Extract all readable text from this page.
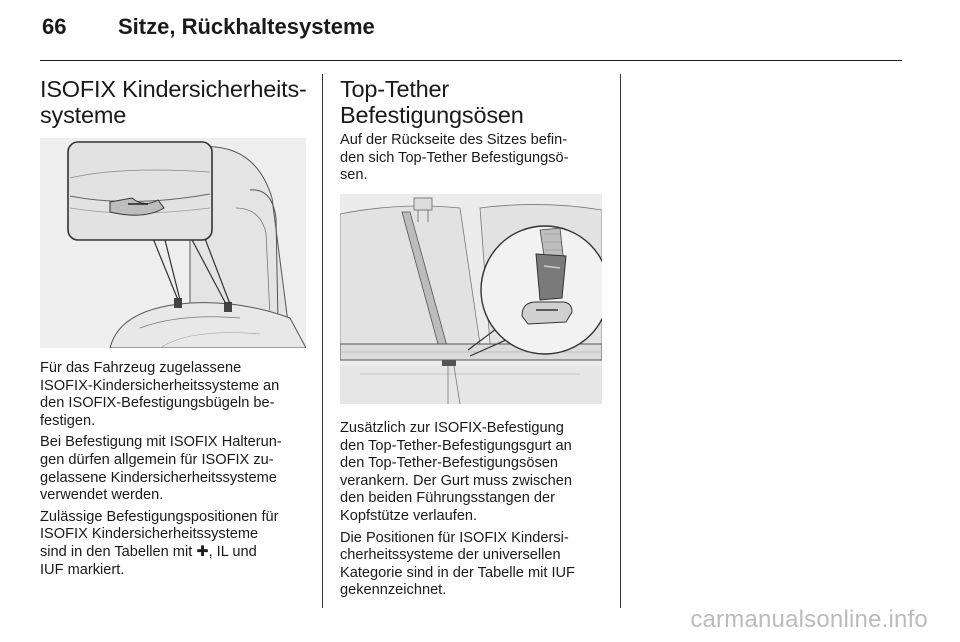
66 Sitze, Rückhaltesysteme
ISOFIX Kindersicherheits-
systeme

Für das Fahrzeug zugelassene
ISOFIX-Kindersicherheitssysteme an
den ISOFIX-Befestigungsbügeln be-
festigen.

Bei Befestigung mit ISOFIX Halterun-
gen dürfen allgemein für ISOFIX zu-
gelassene Kindersicherheitssysteme
verwendet werden.

Zulässige Befestigungspositionen für
ISOFIX Kindersicherheitssysteme
sind in den Tabellen mit ✚, IL und
IUF markiert.

Top-Tether
Befestigungsösen

Auf der Rückseite des Sitzes befin-
den sich Top-Tether Befestigungsö-
sen.

Zusätzlich zur ISOFIX-Befestigung
den Top-Tether-Befestigungsgurt an
den Top-Tether-Befestigungsösen
verankern. Der Gurt muss zwischen
den beiden Führungsstangen der
Kopfstütze verlaufen.

Die Positionen für ISOFIX Kindersi-
cherheitssysteme der universellen
Kategorie sind in der Tabelle mit IUF
gekennzeichnet.

carmanualsonline.info
